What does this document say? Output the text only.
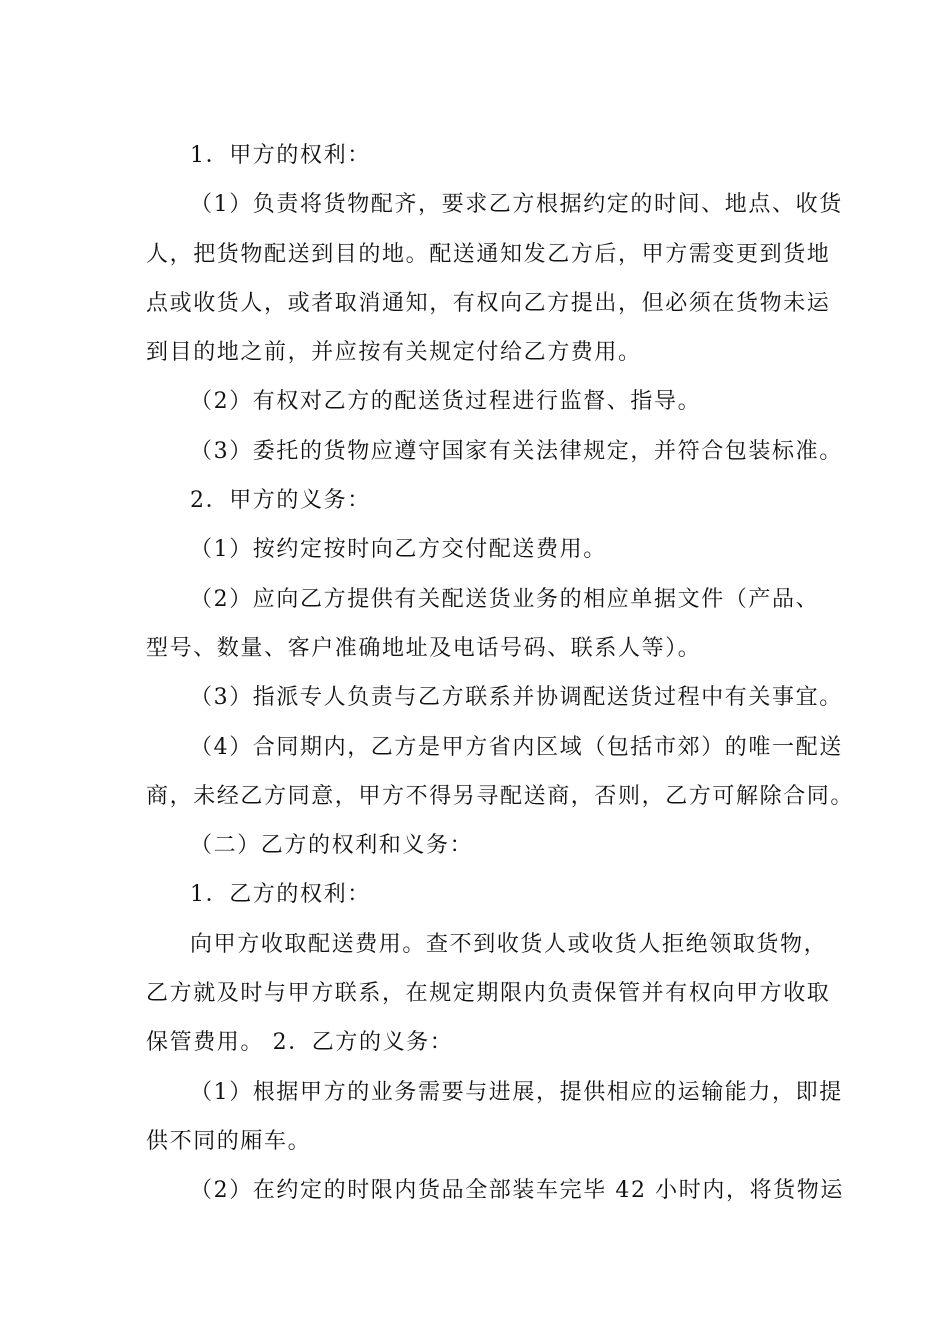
1．甲方的权利：
（1）负责将货物配齐，要求乙方根据约定的时间、地点、收货
人，把货物配送到目的地。配送通知发乙方后，甲方需变更到货地
点或收货人，或者取消通知，有权向乙方提出，但必须在货物未运
到目的地之前，并应按有关规定付给乙方费用。
（2）有权对乙方的配送货过程进行监督、指导。
（3）委托的货物应遵守国家有关法律规定，并符合包装标准。
2．甲方的义务：
（1）按约定按时向乙方交付配送费用。
（2）应向乙方提供有关配送货业务的相应单据文件（产品、
型号、数量、客户准确地址及电话号码、联系人等）。
（3）指派专人负责与乙方联系并协调配送货过程中有关事宜。
（4）合同期内，乙方是甲方省内区域（包括市郊）的唯一配送
商，未经乙方同意，甲方不得另寻配送商，否则，乙方可解除合同。
（二）乙方的权利和义务：
1．乙方的权利：
向甲方收取配送费用。查不到收货人或收货人拒绝领取货物，
乙方就及时与甲方联系，在规定期限内负责保管并有权向甲方收取
保管费用。 2．乙方的义务：
（1）根据甲方的业务需要与进展，提供相应的运输能力，即提
供不同的厢车。
（2）在约定的时限内货品全部装车完毕 42 小时内，将货物运
